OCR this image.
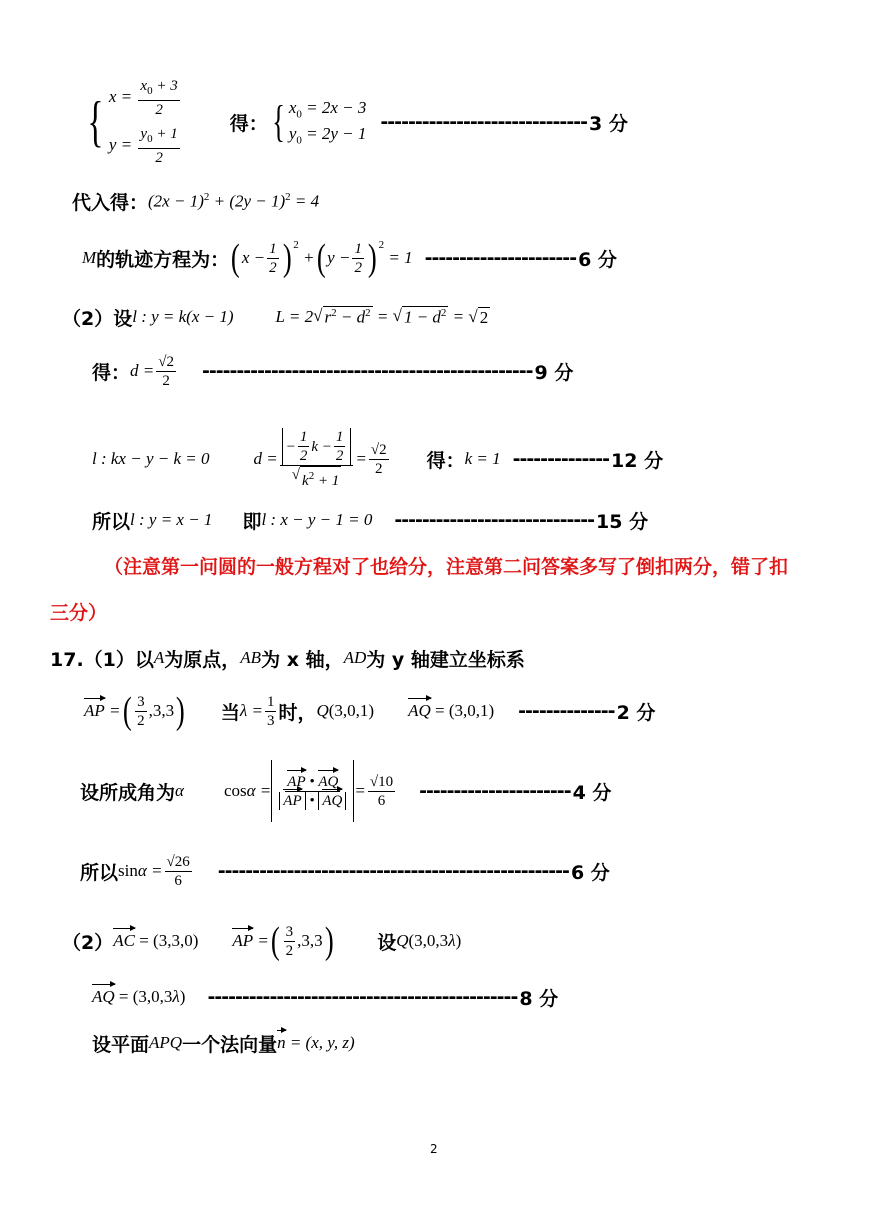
{ $x = \frac{x_0 + 3}{2}$
$y = \frac{y_0 + 1}{2}$
得： { $x_0 = 2x - 3$
$y_0 = 2y - 1$
------------------------------ 3 分
代入得： $(2x - 1)^2 + (2y - 1)^2 = 4$
M 的轨迹方程为： ( $x - \frac{1}{2}$ ) 2
+ ( $y - \frac{1}{2}$ ) 2
= 1 ---------------------- 6 分
（2）设 l : y = k(x − 1) L = 2 √ $r^2 - d^2$ = √ $1 - d^2$ = √ 2
得： $d = \frac{√2}{2}$ ------------------------------------------------ 9 分
l : kx − y − k = 0	$d = \frac{- \frac{1}{2} k - \frac{1}{2}}{√ k^2 + 1} = \frac{√2}{2}$ 得： k = 1 -------------- 12 分
所以 l : y = x − 1 即 l : x − y − 1 = 0 ----------------------------- 15 分
（注意第一问圆的一般方程对了也给分，注意第二问答案多写了倒扣两分，错了扣
三分）
17.（1）以 A 为原点， AB 为 x 轴， AD 为 y 轴建立坐标系
AP = ( $\frac{3}{2} ,3,3$ ) 当 $\lambda = \frac{1}{3}$ 时， Q(3,0,1) AQ = (3,0,1) -------------- 2 分
设所成角为 α $\cos \alpha = \frac{AP • AQ}{AP • AQ} = \frac{√10}{6}$ ---------------------- 4 分
所以 $\sin \alpha = \frac{√26}{6}$ --------------------------------------------------- 6 分
（2） AC = (3,3,0) AP = ( $\frac{3}{2} ,3,3$ ) 设 Q(3,0,3λ)
AQ = (3,0,3λ) --------------------------------------------- 8 分
设平面 APQ 一个法向量 n = (x, y, z)
2
